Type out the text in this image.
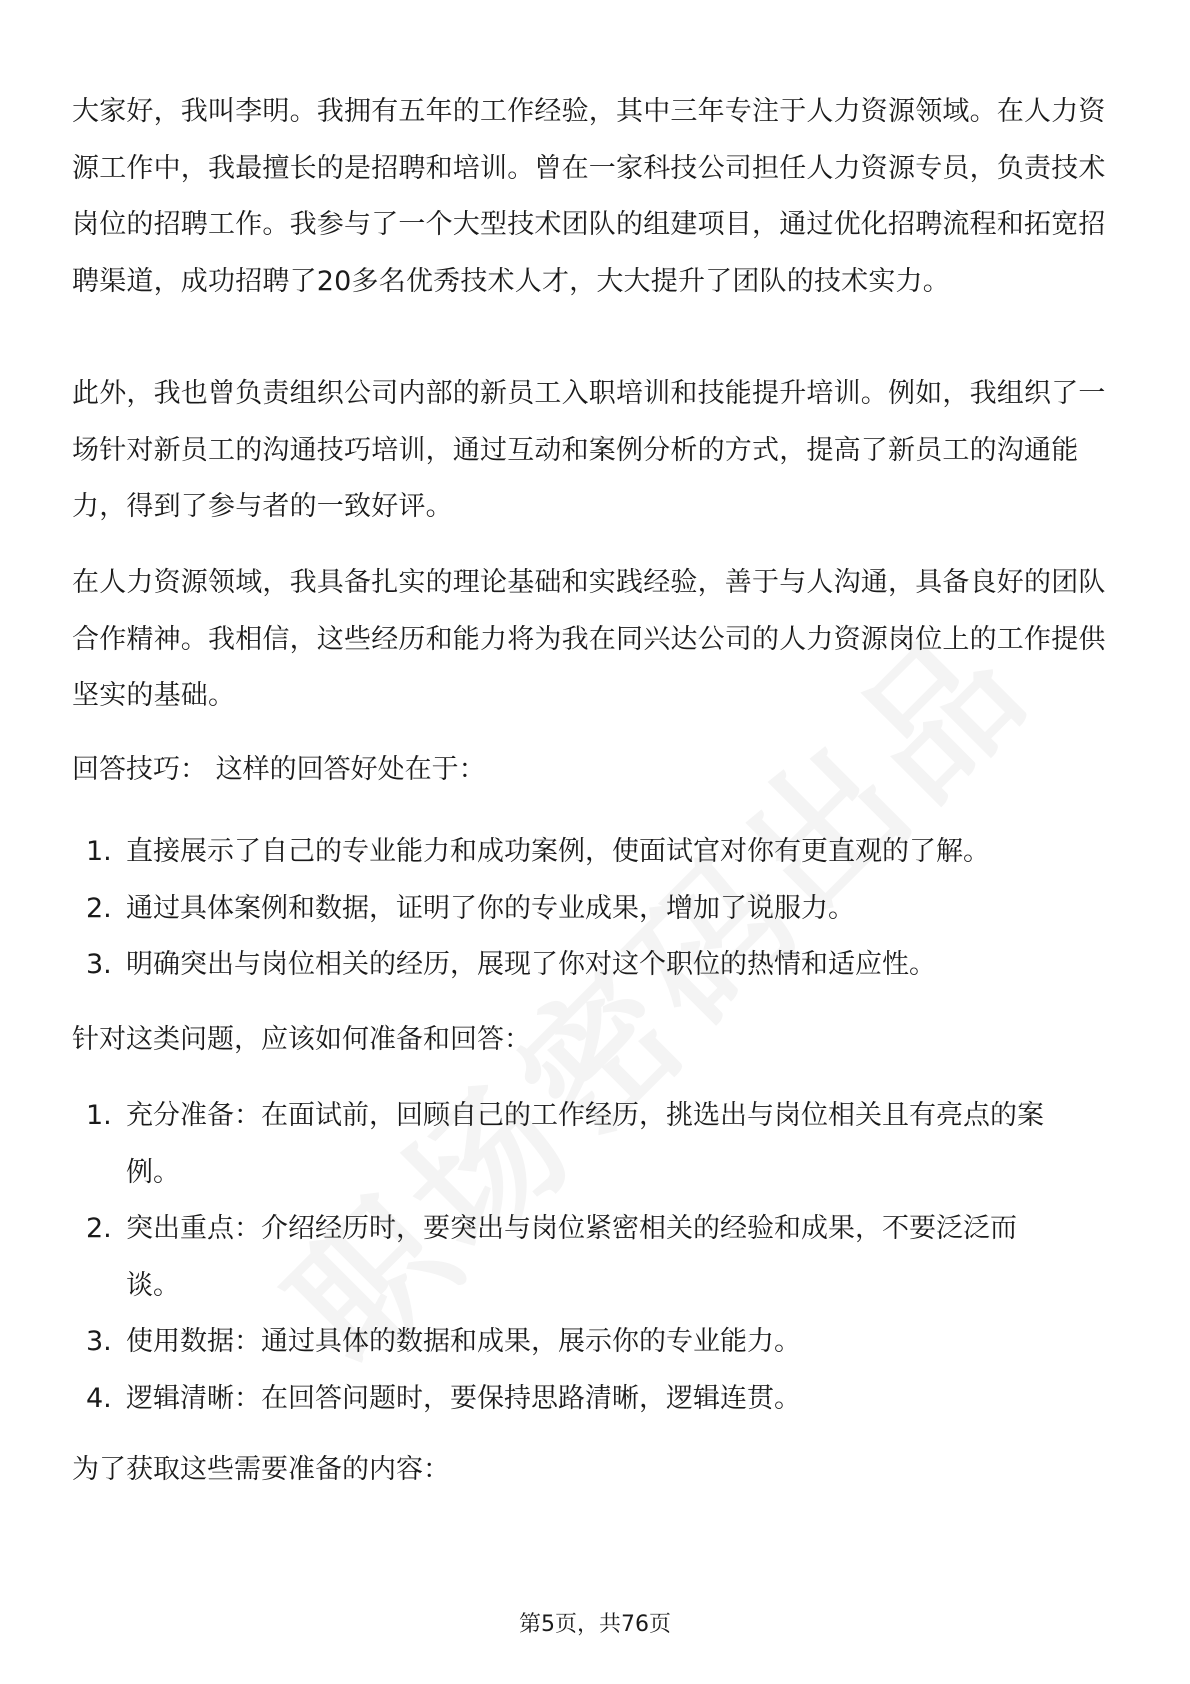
大家好，我叫李明。我拥有五年的工作经验，其中三年专注于人力资源领域。在人力资源工作中，我最擅长的是招聘和培训。曾在一家科技公司担任人力资源专员，负责技术岗位的招聘工作。我参与了一个大型技术团队的组建项目，通过优化招聘流程和拓宽招聘渠道，成功招聘了20多名优秀技术人才，大大提升了团队的技术实力。

此外，我也曾负责组织公司内部的新员工入职培训和技能提升培训。例如，我组织了一场针对新员工的沟通技巧培训，通过互动和案例分析的方式，提高了新员工的沟通能力，得到了参与者的一致好评。

在人力资源领域，我具备扎实的理论基础和实践经验，善于与人沟通，具备良好的团队合作精神。我相信，这些经历和能力将为我在同兴达公司的人力资源岗位上的工作提供坚实的基础。

回答技巧： 这样的回答好处在于：

1. 直接展示了自己的专业能力和成功案例，使面试官对你有更直观的了解。
2. 通过具体案例和数据，证明了你的专业成果，增加了说服力。
3. 明确突出与岗位相关的经历，展现了你对这个职位的热情和适应性。

针对这类问题，应该如何准备和回答：

1. 充分准备：在面试前，回顾自己的工作经历，挑选出与岗位相关且有亮点的案例。
2. 突出重点：介绍经历时，要突出与岗位紧密相关的经验和成果，不要泛泛而谈。
3. 使用数据：通过具体的数据和成果，展示你的专业能力。
4. 逻辑清晰：在回答问题时，要保持思路清晰，逻辑连贯。

为了获取这些需要准备的内容：

第5页，共76页
